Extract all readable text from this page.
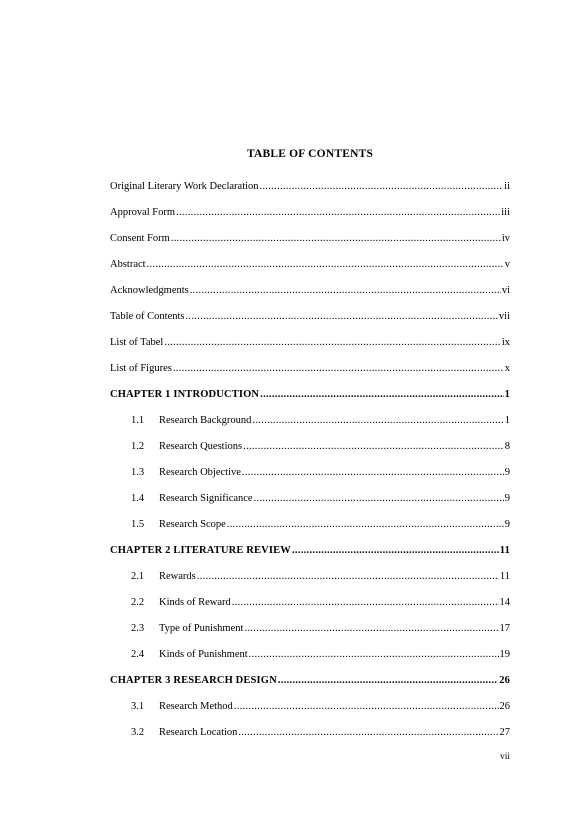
TABLE OF CONTENTS
Original Literary Work Declaration .....	ii
Approval Form .....	iii
Consent Form .....	iv
Abstract .....	v
Acknowledgments .....	vi
Table of Contents .....	vii
List of Tabel .....	ix
List of Figures .....	x
CHAPTER 1 INTRODUCTION .....	1
1.1	Research Background .....	1
1.2	Research Questions .....	8
1.3	Research Objective .....	9
1.4	Research Significance .....	9
1.5	Research Scope .....	9
CHAPTER 2 LITERATURE REVIEW .....	11
2.1	Rewards .....	11
2.2	Kinds of Reward .....	14
2.3	Type of Punishment .....	17
2.4	Kinds of Punishment .....	19
CHAPTER 3 RESEARCH DESIGN .....	26
3.1	Research Method .....	26
3.2	Research Location .....	27
vii
